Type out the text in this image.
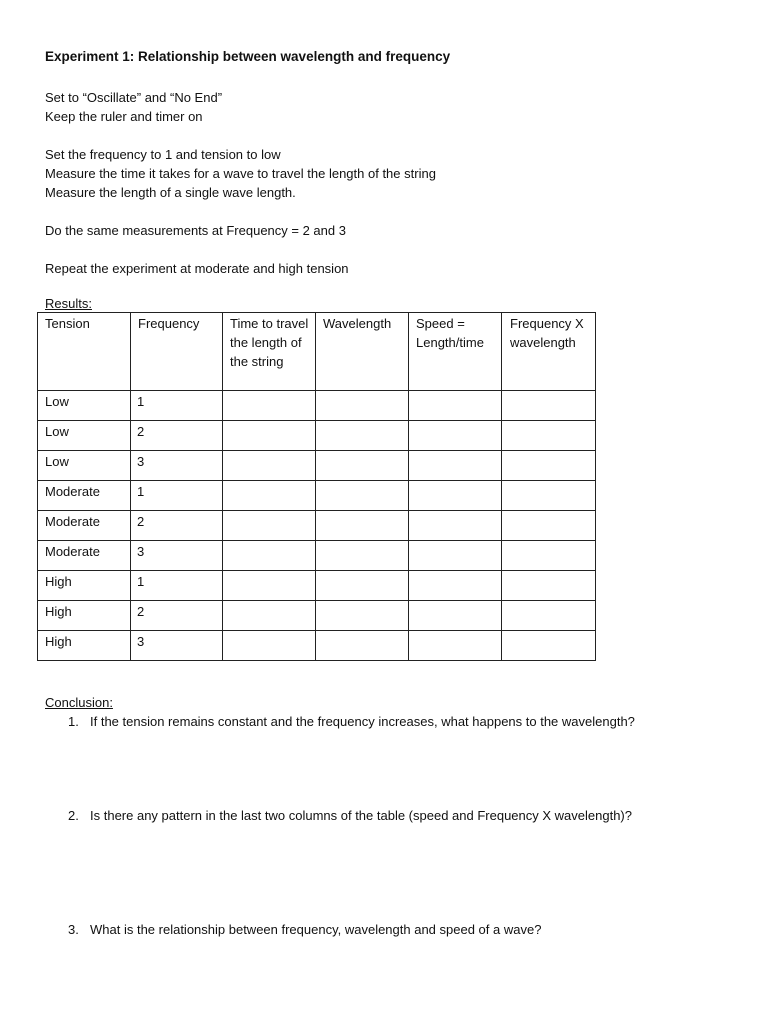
Experiment 1: Relationship between wavelength and frequency
Set to “Oscillate” and “No End”
Keep the ruler and timer on
Set the frequency to 1 and tension to low
Measure the time it takes for a wave to travel the length of the string
Measure the length of a single wave length.
Do the same measurements at Frequency = 2 and 3
Repeat the experiment at moderate and high tension
Results:
Tension	Frequency	Time to travel the length of the string	Wavelength	Speed = Length/time	Frequency X wavelength
Low	1				
Low	2				
Low	3				
Moderate	1				
Moderate	2				
Moderate	3				
High	1				
High	2				
High	3				
Conclusion:
1. If the tension remains constant and the frequency increases, what happens to the wavelength?
2. Is there any pattern in the last two columns of the table (speed and Frequency X wavelength)?
3. What is the relationship between frequency, wavelength and speed of a wave?
